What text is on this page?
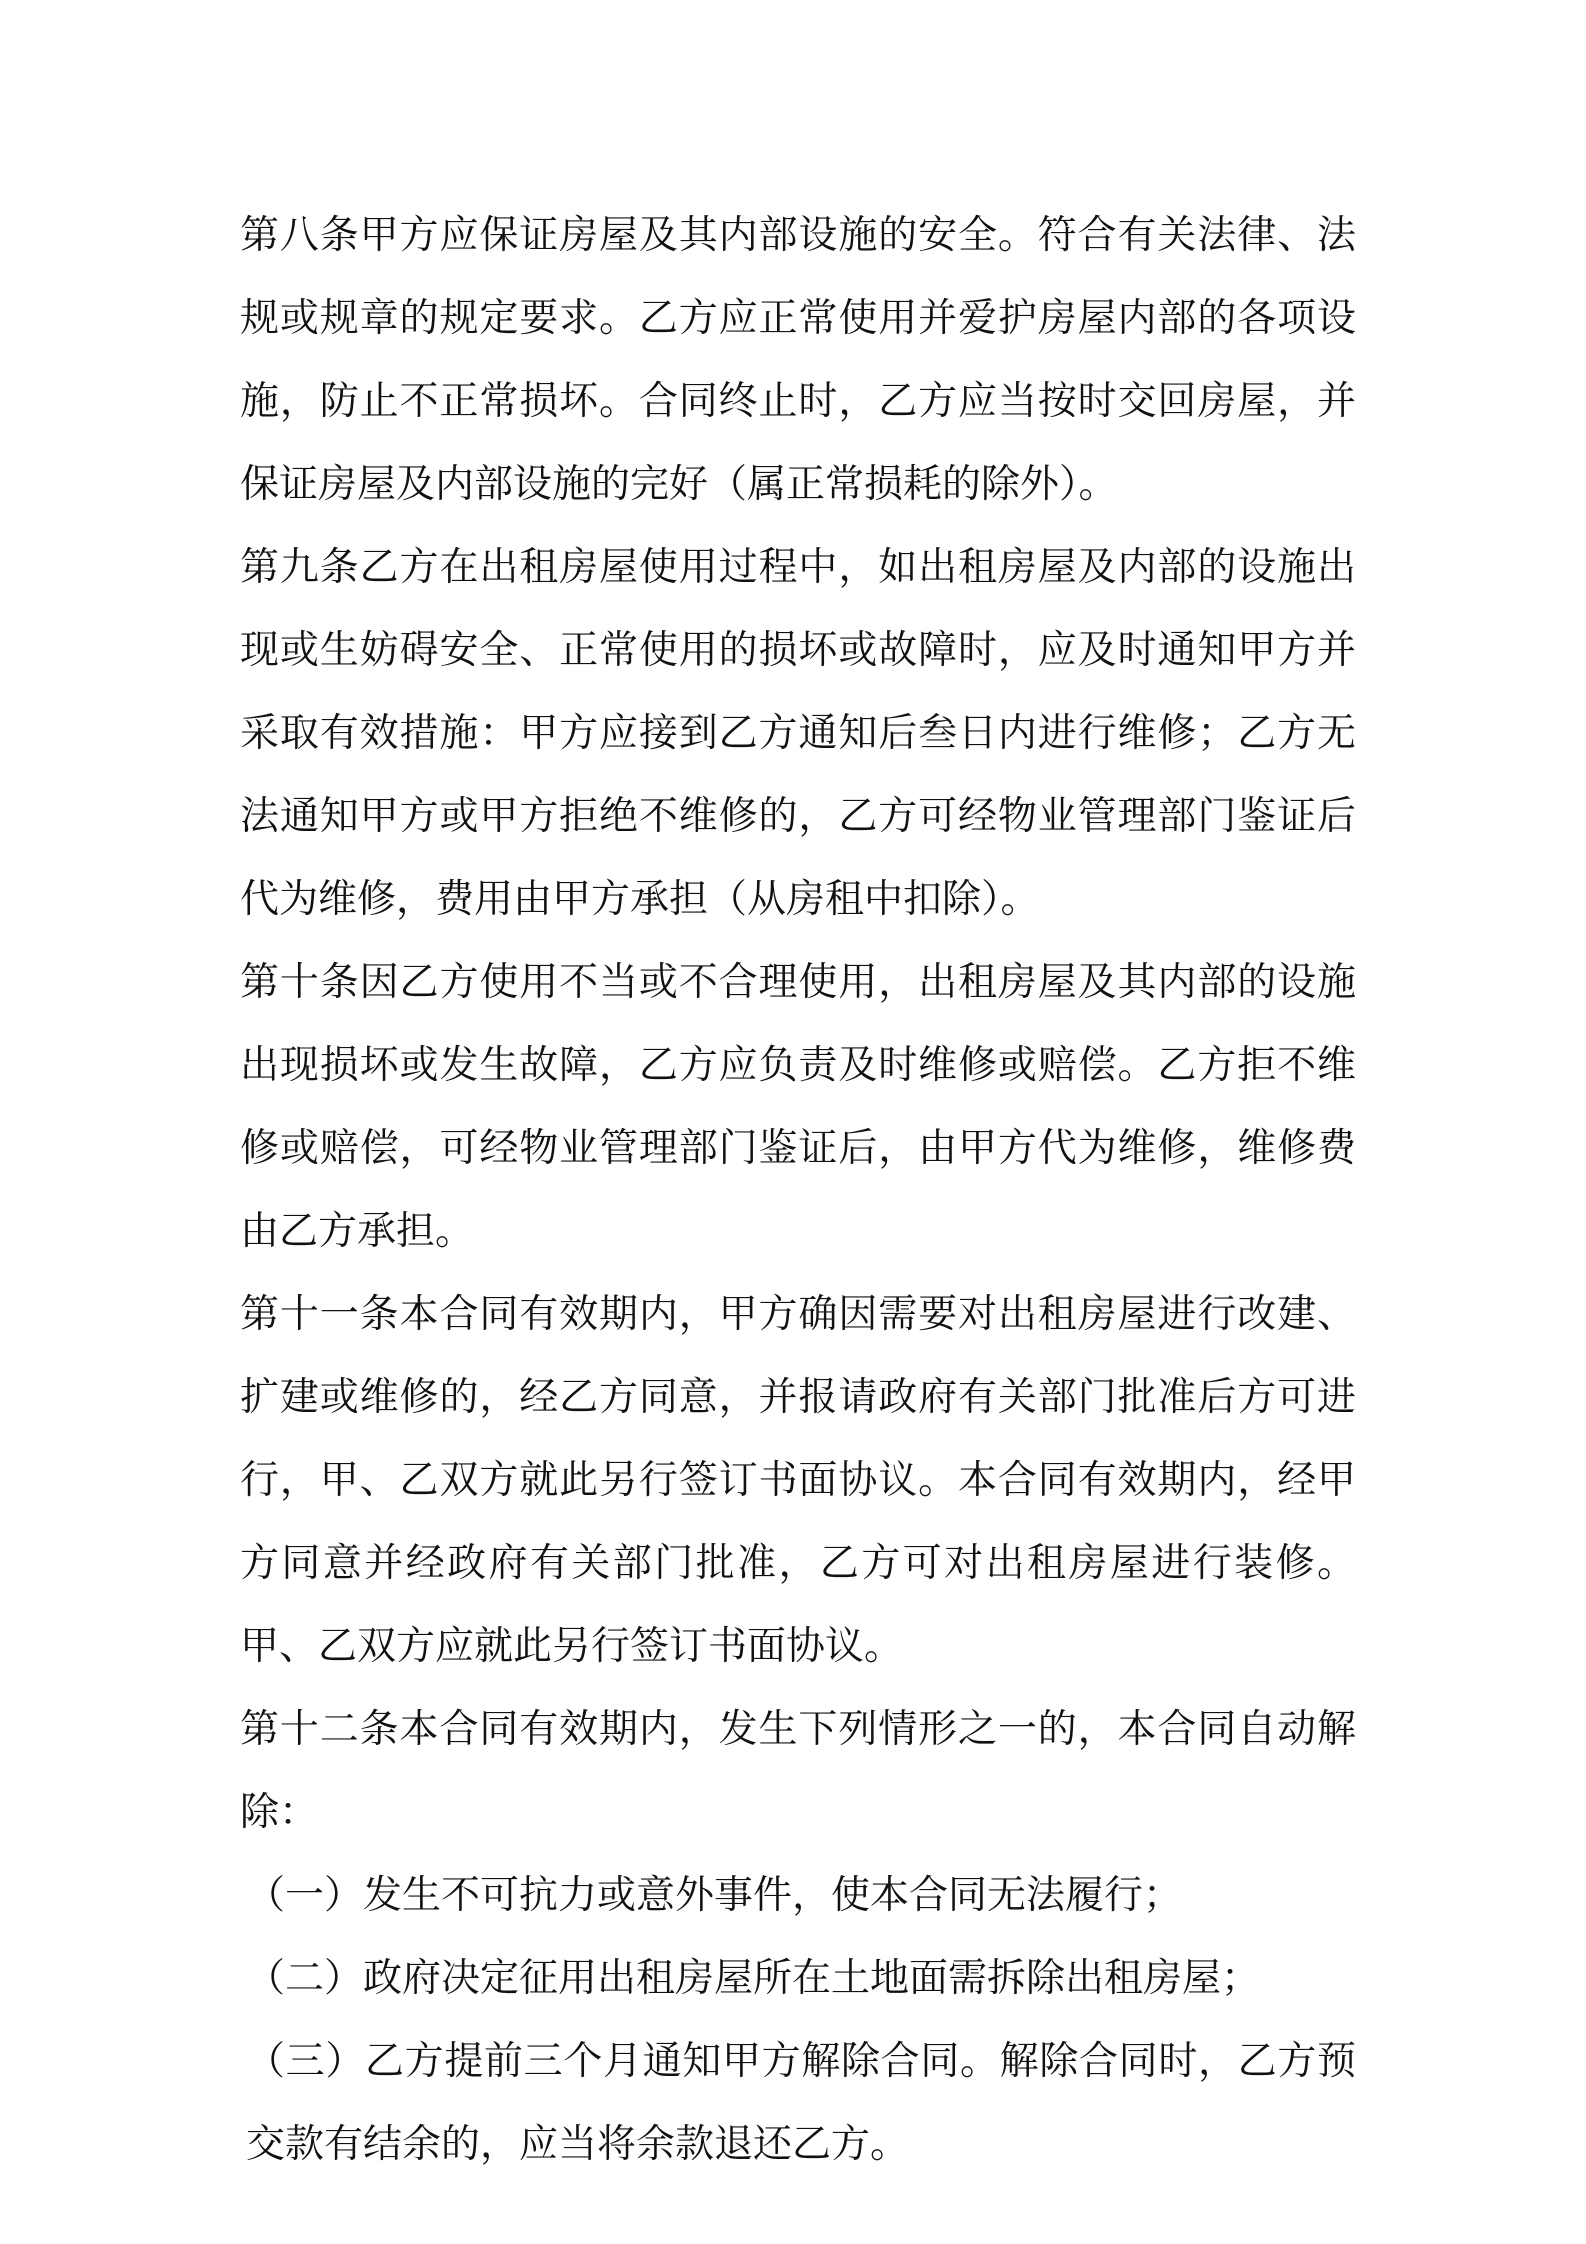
第八条甲方应保证房屋及其内部设施的安全。符合有关法律、法规或规章的规定要求。乙方应正常使用并爱护房屋内部的各项设施，防止不正常损坏。合同终止时，乙方应当按时交回房屋，并保证房屋及内部设施的完好（属正常损耗的除外）。

第九条乙方在出租房屋使用过程中，如出租房屋及内部的设施出现或生妨碍安全、正常使用的损坏或故障时，应及时通知甲方并采取有效措施：甲方应接到乙方通知后叁日内进行维修；乙方无法通知甲方或甲方拒绝不维修的，乙方可经物业管理部门鉴证后代为维修，费用由甲方承担（从房租中扣除）。

第十条因乙方使用不当或不合理使用，出租房屋及其内部的设施出现损坏或发生故障，乙方应负责及时维修或赔偿。乙方拒不维修或赔偿，可经物业管理部门鉴证后，由甲方代为维修，维修费由乙方承担。

第十一条本合同有效期内，甲方确因需要对出租房屋进行改建、扩建或维修的，经乙方同意，并报请政府有关部门批准后方可进行，甲、乙双方就此另行签订书面协议。本合同有效期内，经甲方同意并经政府有关部门批准，乙方可对出租房屋进行装修。甲、乙双方应就此另行签订书面协议。

第十二条本合同有效期内，发生下列情形之一的，本合同自动解除：

（一）发生不可抗力或意外事件，使本合同无法履行；

（二）政府决定征用出租房屋所在土地面需拆除出租房屋；

（三）乙方提前三个月通知甲方解除合同。解除合同时，乙方预交款有结余的，应当将余款退还乙方。
